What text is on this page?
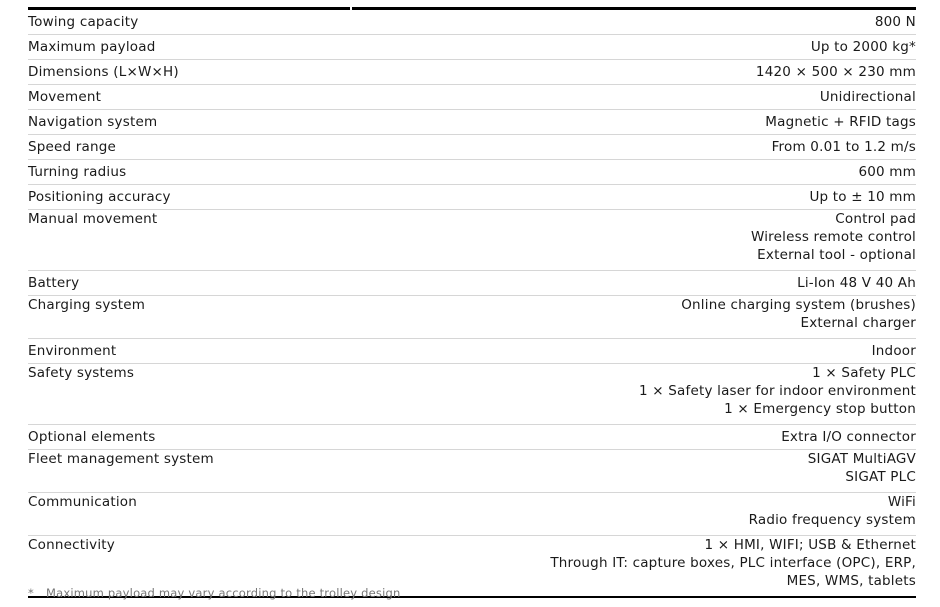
Towing capacity	800 N

Maximum payload	Up to 2000 kg*

Dimensions (L×W×H)	1420 × 500 × 230 mm

Movement	Unidirectional

Navigation system	Magnetic + RFID tags

Speed range	From 0.01 to 1.2 m/s

Turning radius	600 mm

Positioning accuracy	Up to ± 10 mm

Manual movement	Control pad
Wireless remote control
External tool - optional

Battery	Li-Ion 48 V 40 Ah

Charging system	Online charging system (brushes)
External charger

Environment	Indoor

Safety systems	1 × Safety PLC
1 × Safety laser for indoor environment
1 × Emergency stop button

Optional elements	Extra I/O connector

Fleet management system	SIGAT MultiAGV
SIGAT PLC

Communication	WiFi
Radio frequency system

Connectivity	1 × HMI, WIFI; USB & Ethernet
Through IT: capture boxes, PLC interface (OPC), ERP,
MES, WMS, tablets
* Maximum payload may vary according to the trolley design
